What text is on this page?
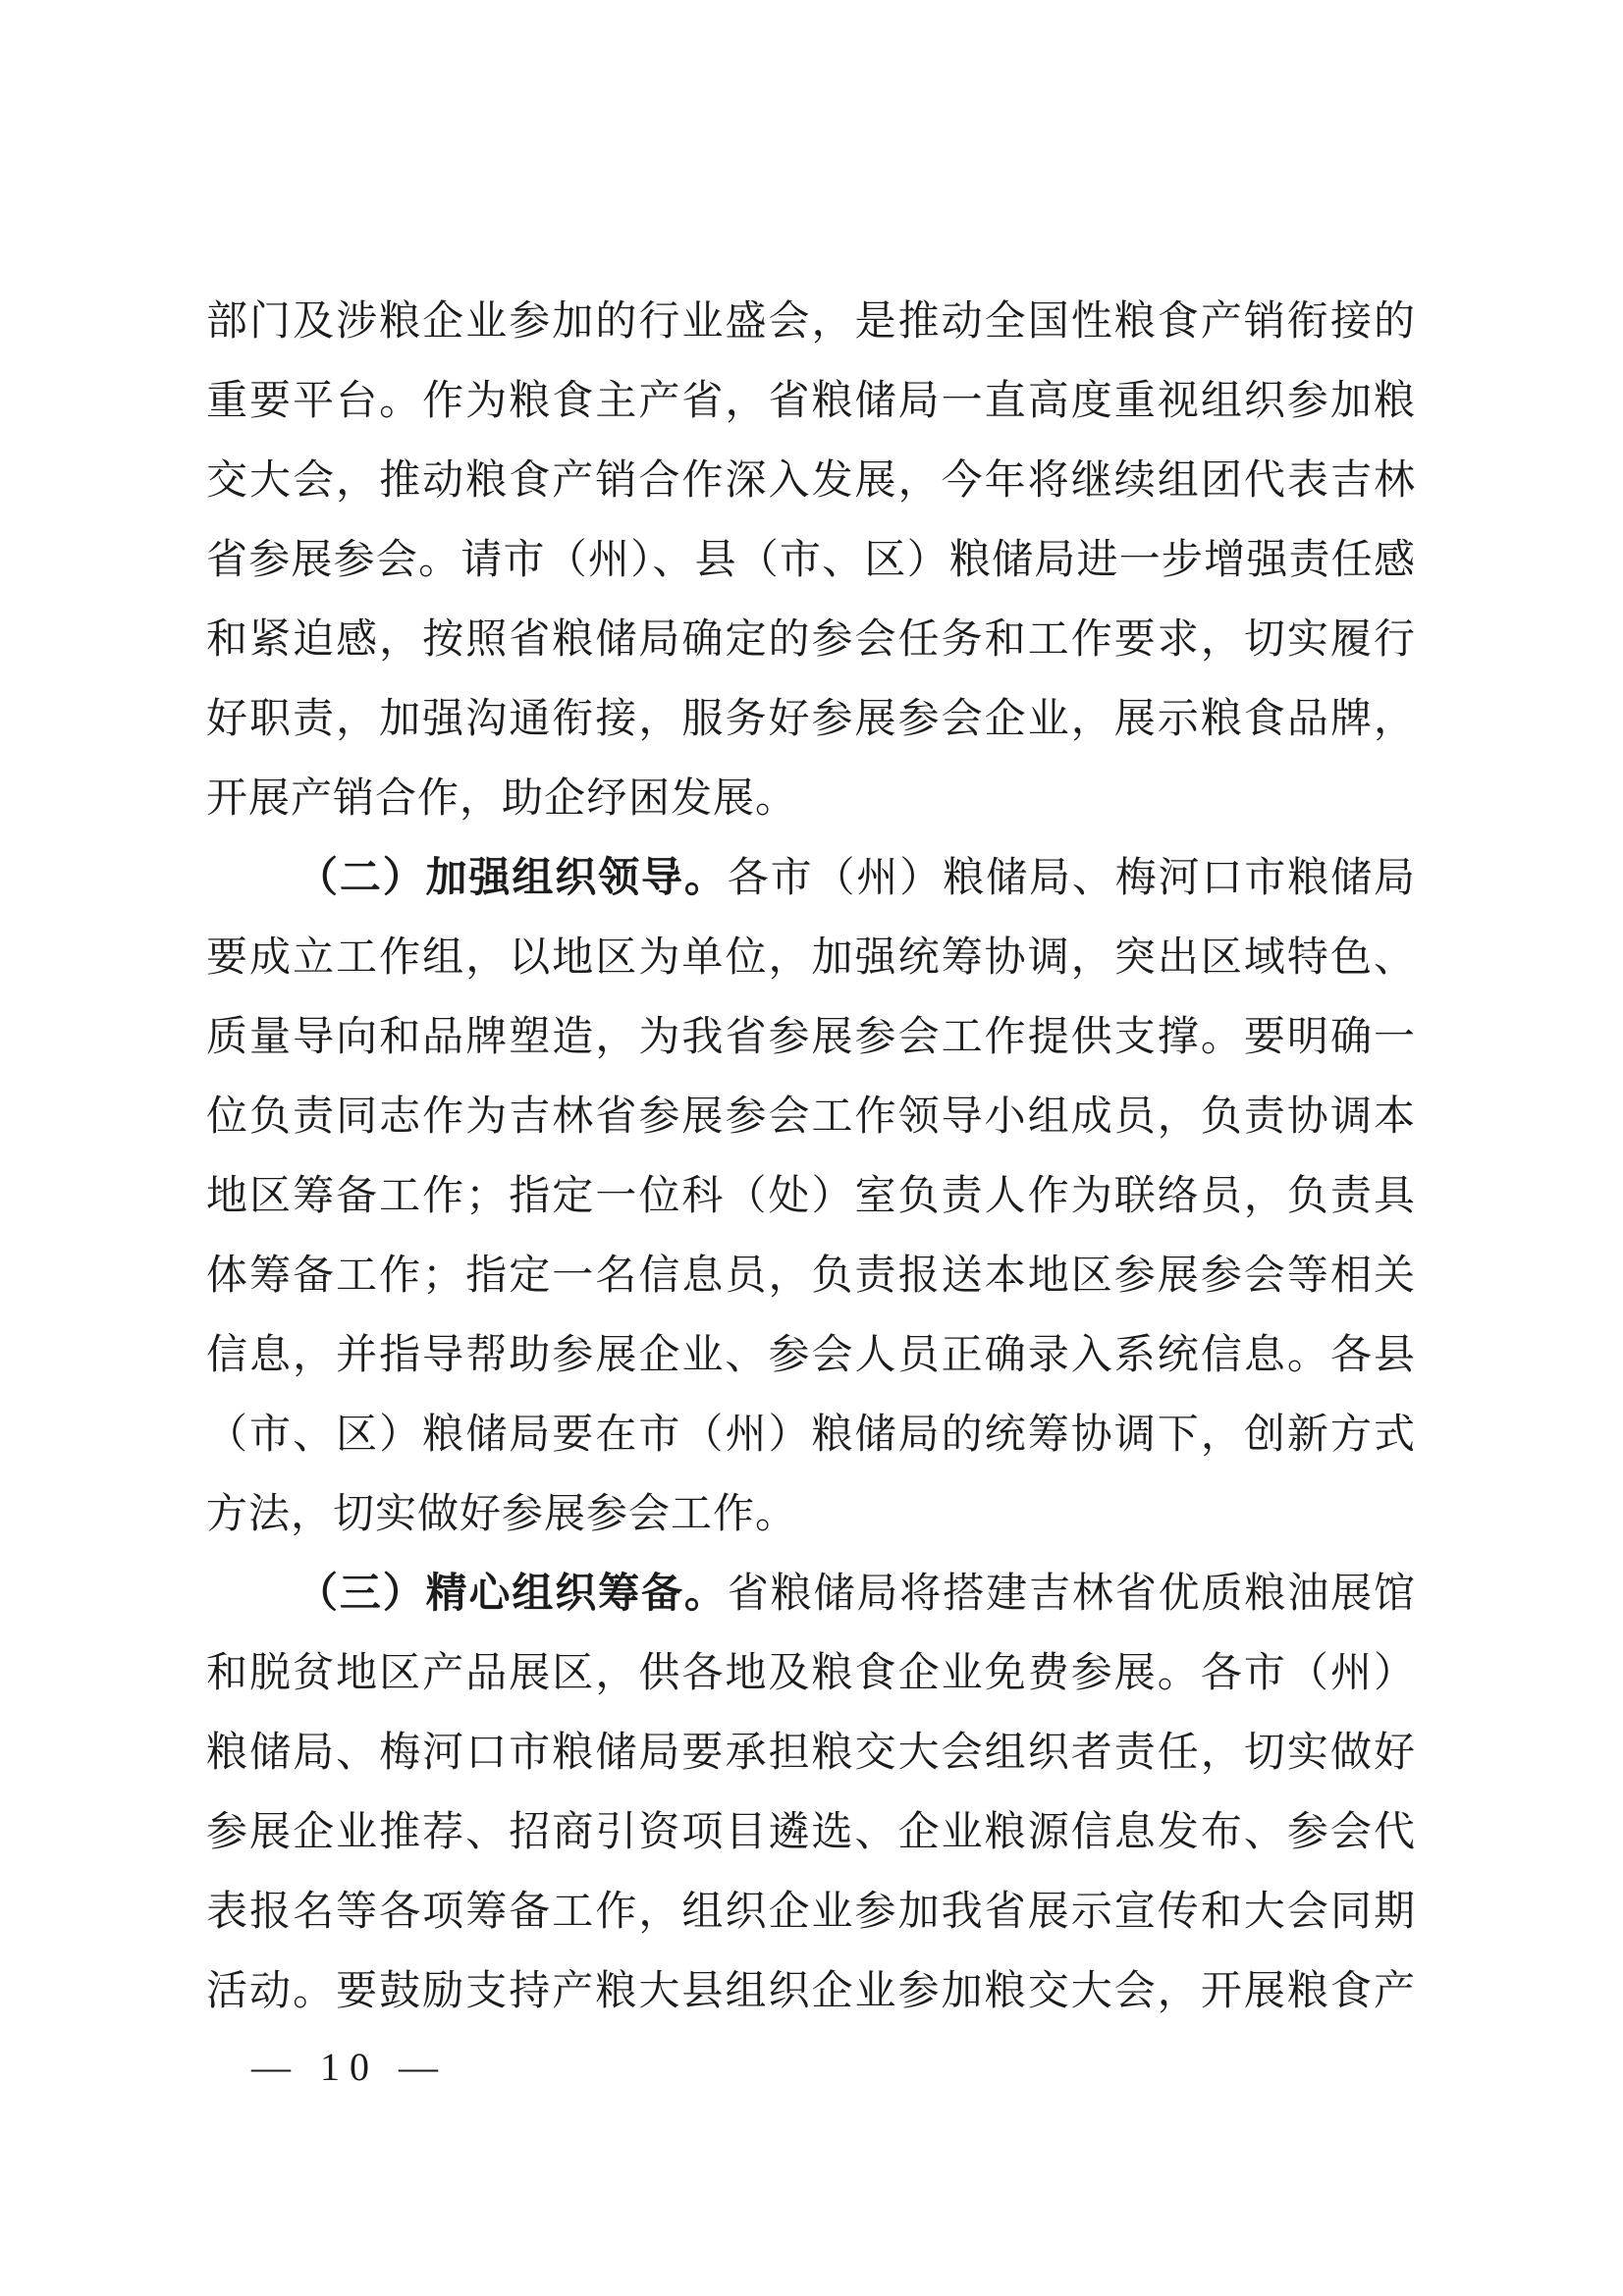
部门及涉粮企业参加的行业盛会，是推动全国性粮食产销衔接的
重要平台。作为粮食主产省，省粮储局一直高度重视组织参加粮
交大会，推动粮食产销合作深入发展，今年将继续组团代表吉林
省参展参会。请市（州）、县（市、区）粮储局进一步增强责任感
和紧迫感，按照省粮储局确定的参会任务和工作要求，切实履行
好职责，加强沟通衔接，服务好参展参会企业，展示粮食品牌，
开展产销合作，助企纾困发展。
（二）加强组织领导。各市（州）粮储局、梅河口市粮储局
要成立工作组，以地区为单位，加强统筹协调，突出区域特色、
质量导向和品牌塑造，为我省参展参会工作提供支撑。要明确一
位负责同志作为吉林省参展参会工作领导小组成员，负责协调本
地区筹备工作；指定一位科（处）室负责人作为联络员，负责具
体筹备工作；指定一名信息员，负责报送本地区参展参会等相关
信息，并指导帮助参展企业、参会人员正确录入系统信息。各县
（市、区）粮储局要在市（州）粮储局的统筹协调下，创新方式
方法，切实做好参展参会工作。
（三）精心组织筹备。省粮储局将搭建吉林省优质粮油展馆
和脱贫地区产品展区，供各地及粮食企业免费参展。各市（州）
粮储局、梅河口市粮储局要承担粮交大会组织者责任，切实做好
参展企业推荐、招商引资项目遴选、企业粮源信息发布、参会代
表报名等各项筹备工作，组织企业参加我省展示宣传和大会同期
活动。要鼓励支持产粮大县组织企业参加粮交大会，开展粮食产
— 10 —
